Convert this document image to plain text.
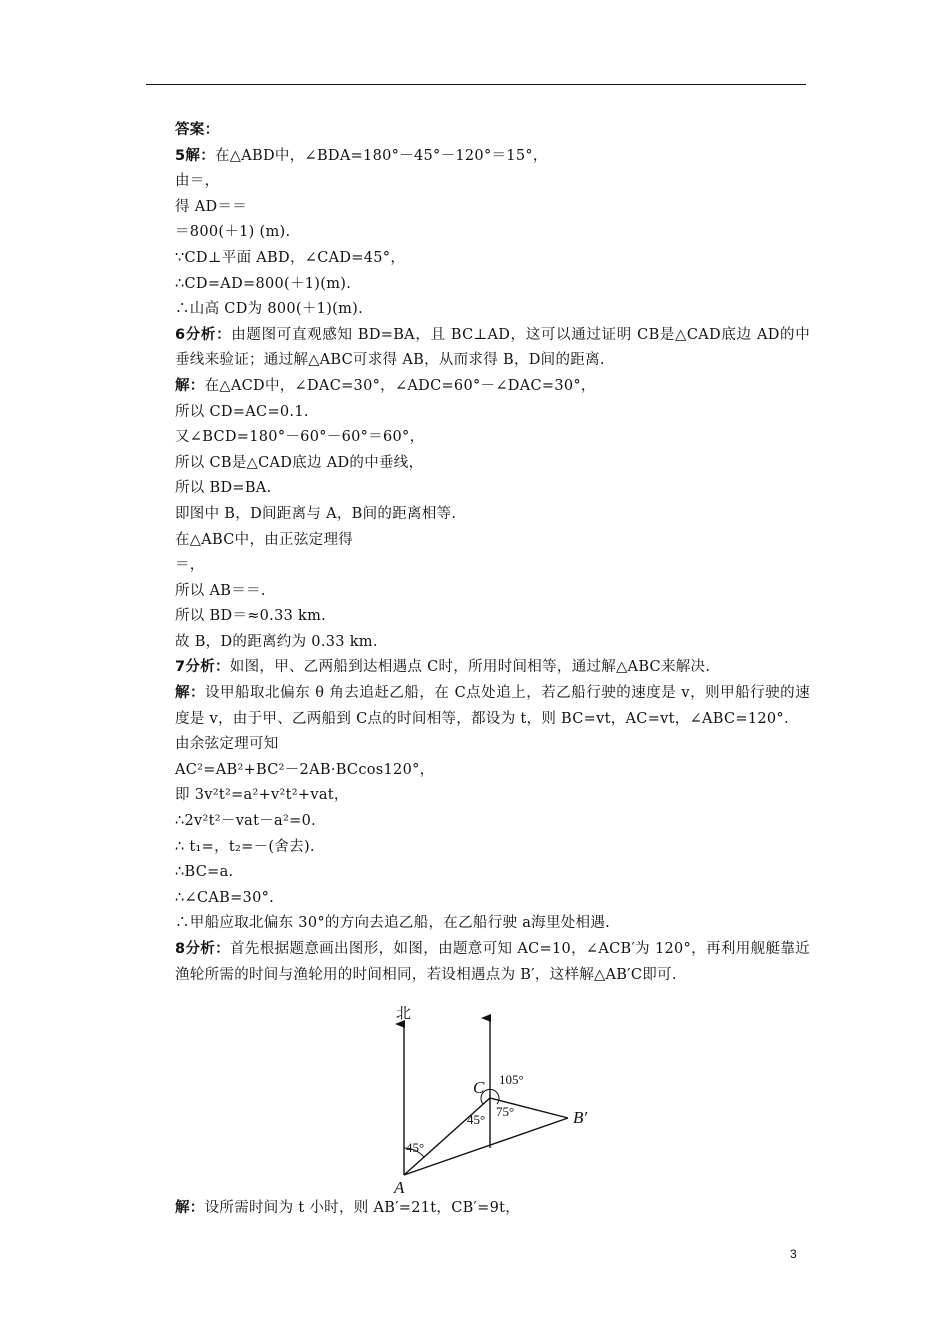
答案：
5解：在△ABD中，∠BDA=180°－45°－120°＝15°，
由＝，
得 AD＝＝
＝800(＋1) (m).
∵CD⊥平面 ABD，∠CAD=45°，
∴CD=AD=800(＋1)(m).
∴山高 CD为 800(＋1)(m).
6分析：由题图可直观感知 BD=BA，且 BC⊥AD，这可以通过证明 CB是△CAD底边 AD的中垂线来验证；通过解△ABC可求得 AB，从而求得 B，D间的距离.
解：在△ACD中，∠DAC=30°，∠ADC=60°－∠DAC=30°，
所以 CD=AC=0.1.
又∠BCD=180°－60°－60°＝60°，
所以 CB是△CAD底边 AD的中垂线，
所以 BD=BA.
即图中 B，D间距离与 A，B间的距离相等.
在△ABC中，由正弦定理得
＝，
所以 AB＝＝.
所以 BD＝≈0.33 km.
故 B，D的距离约为 0.33 km.
7分析：如图，甲、乙两船到达相遇点 C时，所用时间相等，通过解△ABC来解决.
解：设甲船取北偏东 θ 角去追赶乙船，在 C点处追上，若乙船行驶的速度是 v，则甲船行驶的速度是 v，由于甲、乙两船到 C点的时间相等，都设为 t，则 BC=vt，AC=vt，∠ABC=120°.
由余弦定理可知
AC²=AB²+BC²－2AB·BCcos120°，
即 3v²t²=a²+v²t²+vat，
∴2v²t²－vat－a²=0.
∴ t₁=，t₂=－(舍去).
∴BC=a.
∴∠CAB=30°.
∴甲船应取北偏东 30°的方向去追乙船，在乙船行驶 a海里处相遇.
8分析：首先根据题意画出图形，如图，由题意可知 AC=10，∠ACB′为 120°，再利用舰艇靠近渔轮所需的时间与渔轮用的时间相同，若设相遇点为 B′，这样解△AB′C即可.
北
A
C
B′
45°
45°
75°
105°
解：设所需时间为 t 小时，则 AB′=21t，CB′=9t，
3
